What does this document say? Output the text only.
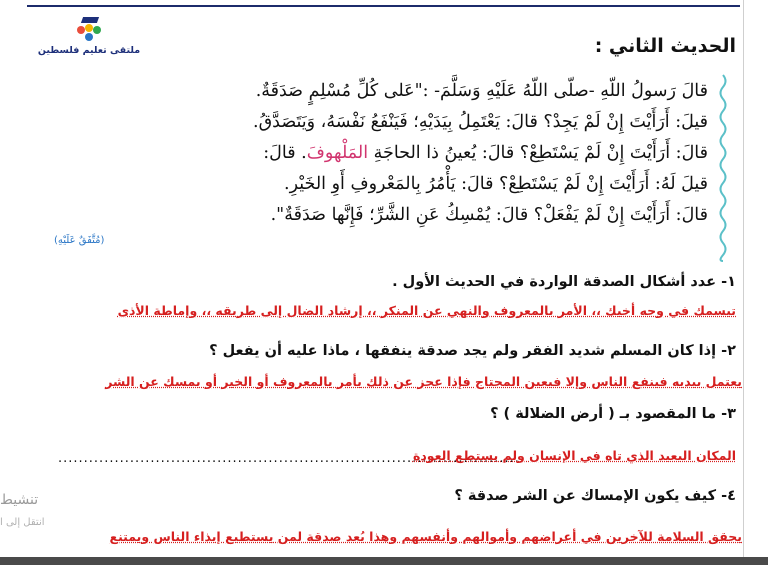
ملتقى تعليم فلسطين	الحديث الثاني :
قالَ رَسولُ اللّهِ -صلّى اللّهُ عَلَيْهِ وَسَلَّمَ- :"عَلى كُلِّ مُسْلِمٍ صَدَقَةٌ.
قيلَ: أَرَأَيْتَ إِنْ لَمْ يَجِدْ؟ قالَ: يَعْتَمِلُ بِيَدَيْهِ؛ فَيَنْفَعُ نَفْسَهُ، وَيَتَصَدَّقُ.
قالَ: أَرَأَيْتَ إِنْ لَمْ يَسْتَطِعْ؟ قالَ: يُعينُ ذا الحاجَةِ المَلْهوفَ. قالَ:
قيلَ لَهُ: أَرَأَيْتَ إِنْ لَمْ يَسْتَطِعْ؟ قالَ: يَأْمُرُ بِالمَعْروفِ أَوِ الخَيْرِ.
قالَ: أَرَأَيْتَ إِنْ لَمْ يَفْعَلْ؟ قالَ: يُمْسِكُ عَنِ الشَّرِّ؛ فَإِنَّها صَدَقَةٌ".
(مُتَّفَقٌ عَلَيْهِ)
١- عدد أشكال الصدقة الواردة في الحديث الأول .
تبسمك في وجه أخيك ،، الأمر بالمعروف والنهي عن المنكر ،، إرشاد الضال إلى طريقه ،، وإماطة الأذى
٢- إذا كان المسلم شديد الفقر ولم يجد صدقة ينفقها ، ماذا عليه أن يفعل ؟
يعتمل بيديه فينفع الناس وإلا فيعين المحتاج فإذا عجز عن ذلك يأمر بالمعروف أو الخير أو يمسك عن الشر
٣- ما المقصود بـ ( أرض الضلالة ) ؟
..........................................................................................
المكان البعيد الذي تاه في الإنسان ولم يستطع العودة
٤- كيف يكون الإمساك عن الشر صدقة ؟
يحقق السلامة للآخرين في أعراضهم وأموالهم وأنفسهم وهذا يُعد صدقة لمن يستطيع إيذاء الناس ويمتنع
تنشيط
انتقل إلى ا
